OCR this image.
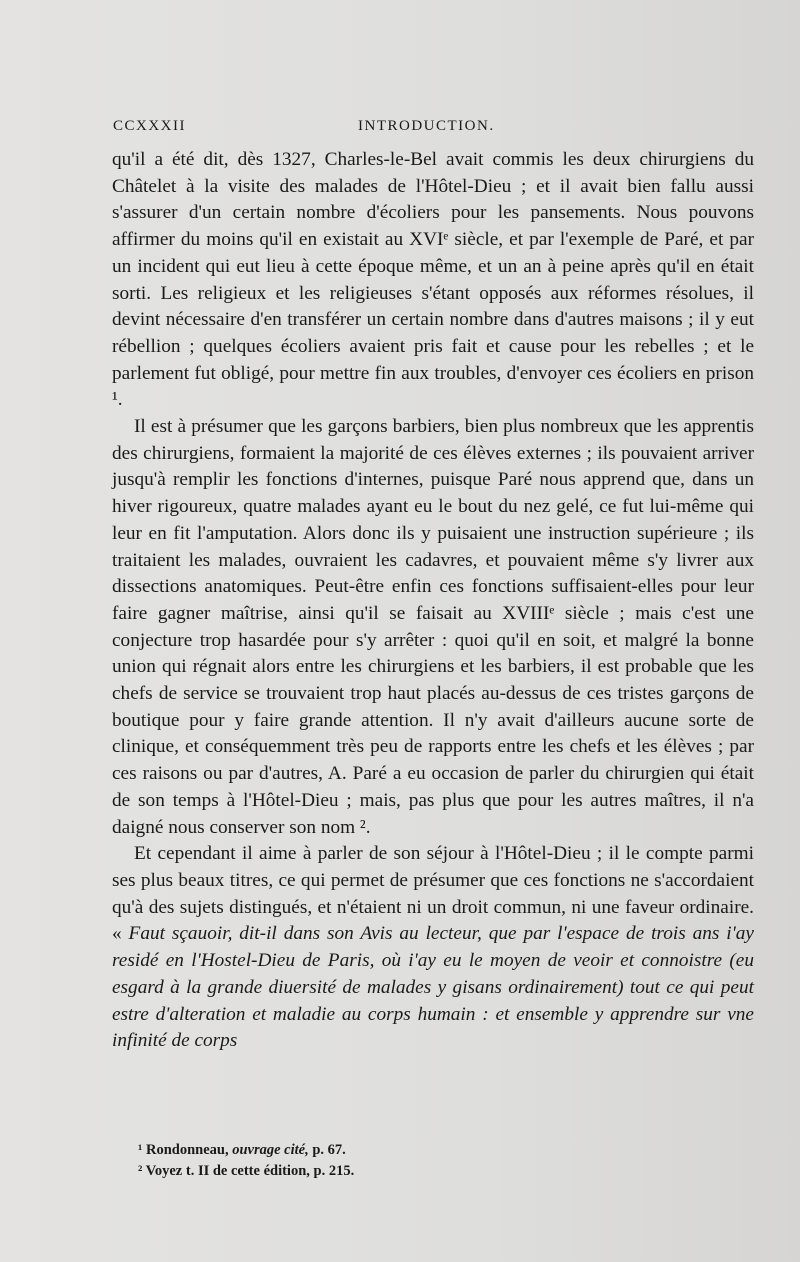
CCXXXII	INTRODUCTION.

qu'il a été dit, dès 1327, Charles-le-Bel avait commis les deux chirurgiens du Châtelet à la visite des malades de l'Hôtel-Dieu ; et il avait bien fallu aussi s'assurer d'un certain nombre d'écoliers pour les pansements. Nous pouvons affirmer du moins qu'il en existait au XVIᵉ siècle, et par l'exemple de Paré, et par un incident qui eut lieu à cette époque même, et un an à peine après qu'il en était sorti. Les religieux et les religieuses s'étant opposés aux réformes résolues, il devint nécessaire d'en transférer un certain nombre dans d'autres maisons ; il y eut rébellion ; quelques écoliers avaient pris fait et cause pour les rebelles ; et le parlement fut obligé, pour mettre fin aux troubles, d'envoyer ces écoliers en prison ¹.

Il est à présumer que les garçons barbiers, bien plus nombreux que les apprentis des chirurgiens, formaient la majorité de ces élèves externes ; ils pouvaient arriver jusqu'à remplir les fonctions d'internes, puisque Paré nous apprend que, dans un hiver rigoureux, quatre malades ayant eu le bout du nez gelé, ce fut lui-même qui leur en fit l'amputation. Alors donc ils y puisaient une instruction supérieure ; ils traitaient les malades, ouvraient les cadavres, et pouvaient même s'y livrer aux dissections anatomiques. Peut-être enfin ces fonctions suffisaient-elles pour leur faire gagner maîtrise, ainsi qu'il se faisait au XVIIIᵉ siècle ; mais c'est une conjecture trop hasardée pour s'y arrêter : quoi qu'il en soit, et malgré la bonne union qui régnait alors entre les chirurgiens et les barbiers, il est probable que les chefs de service se trouvaient trop haut placés au-dessus de ces tristes garçons de boutique pour y faire grande attention. Il n'y avait d'ailleurs aucune sorte de clinique, et conséquemment très peu de rapports entre les chefs et les élèves ; par ces raisons ou par d'autres, A. Paré a eu occasion de parler du chirurgien qui était de son temps à l'Hôtel-Dieu ; mais, pas plus que pour les autres maîtres, il n'a daigné nous conserver son nom ².

Et cependant il aime à parler de son séjour à l'Hôtel-Dieu ; il le compte parmi ses plus beaux titres, ce qui permet de présumer que ces fonctions ne s'accordaient qu'à des sujets distingués, et n'étaient ni un droit commun, ni une faveur ordinaire. « Faut sçauoir, dit-il dans son Avis au lecteur, que par l'espace de trois ans i'ay residé en l'Hostel-Dieu de Paris, où i'ay eu le moyen de veoir et connoistre (eu esgard à la grande diuersité de malades y gisans ordinairement) tout ce qui peut estre d'alteration et maladie au corps humain : et ensemble y apprendre sur vne infinité de corps

¹ Rondonneau, ouvrage cité, p. 67.
² Voyez t. II de cette édition, p. 215.
